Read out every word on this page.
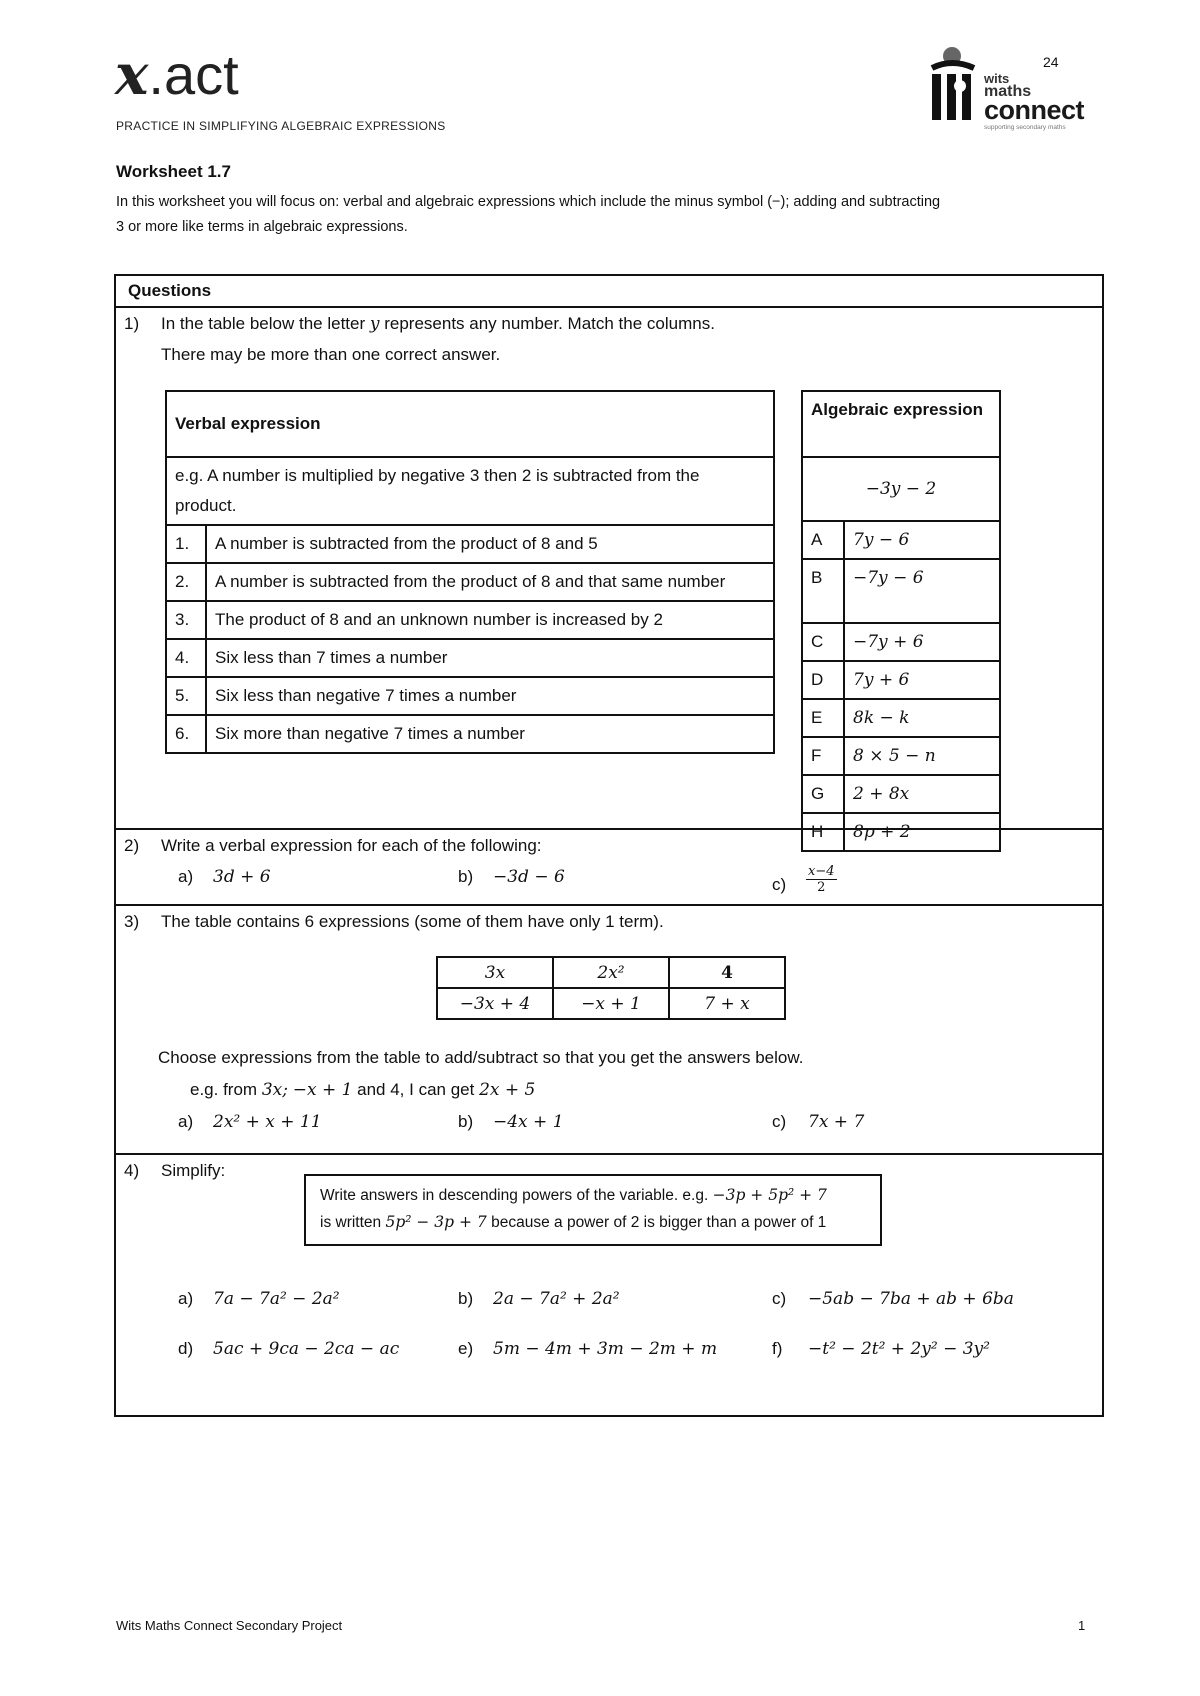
x.act
PRACTICE IN SIMPLIFYING ALGEBRAIC EXPRESSIONS
wits
maths
connect
supporting secondary maths
24
Worksheet 1.7
In this worksheet you will focus on: verbal and algebraic expressions which include the minus symbol (−); adding and subtracting
3 or more like terms in algebraic expressions.
Questions
1) In the table below the letter y represents any number. Match the columns.
There may be more than one correct answer.
Verbal expression	
e.g. A number is multiplied by negative 3 then 2 is subtracted from the product.	
1.	A number is subtracted from the product of 8 and 5
2.	A number is subtracted from the product of 8 and that same number
3.	The product of 8 and an unknown number is increased by 2
4.	Six less than 7 times a number
5.	Six less than negative 7 times a number
6.	Six more than negative 7 times a number
Algebraic expression	
−3y − 2	
A	7y − 6
B	−7y − 6
C	−7y + 6
D	7y + 6
E	8k − k
F	8 × 5 − n
G	2 + 8x
H	8p + 2
2) Write a verbal expression for each of the following:
a) 3d + 6	b) −3d − 6	$c) \frac{x-4}{2}$
3) The table contains 6 expressions (some of them have only 1 term).
3x	2x²	4
−3x + 4	−x + 1	7 + x
Choose expressions from the table to add/subtract so that you get the answers below.
e.g. from 3x; −x + 1 and 4, I can get 2x + 5
a) 2x² + x + 11	b) −4x + 1	c) 7x + 7
4) Simplify:
Write answers in descending powers of the variable. e.g. −3p + 5p² + 7
is written 5p² − 3p + 7 because a power of 2 is bigger than a power of 1
a) 7a − 7a² − 2a²	b) 2a − 7a² + 2a²	c) −5ab − 7ba + ab + 6ba
d) 5ac + 9ca − 2ca − ac	e) 5m − 4m + 3m − 2m + m	f) −t² − 2t² + 2y² − 3y²
Wits Maths Connect Secondary Project	1
